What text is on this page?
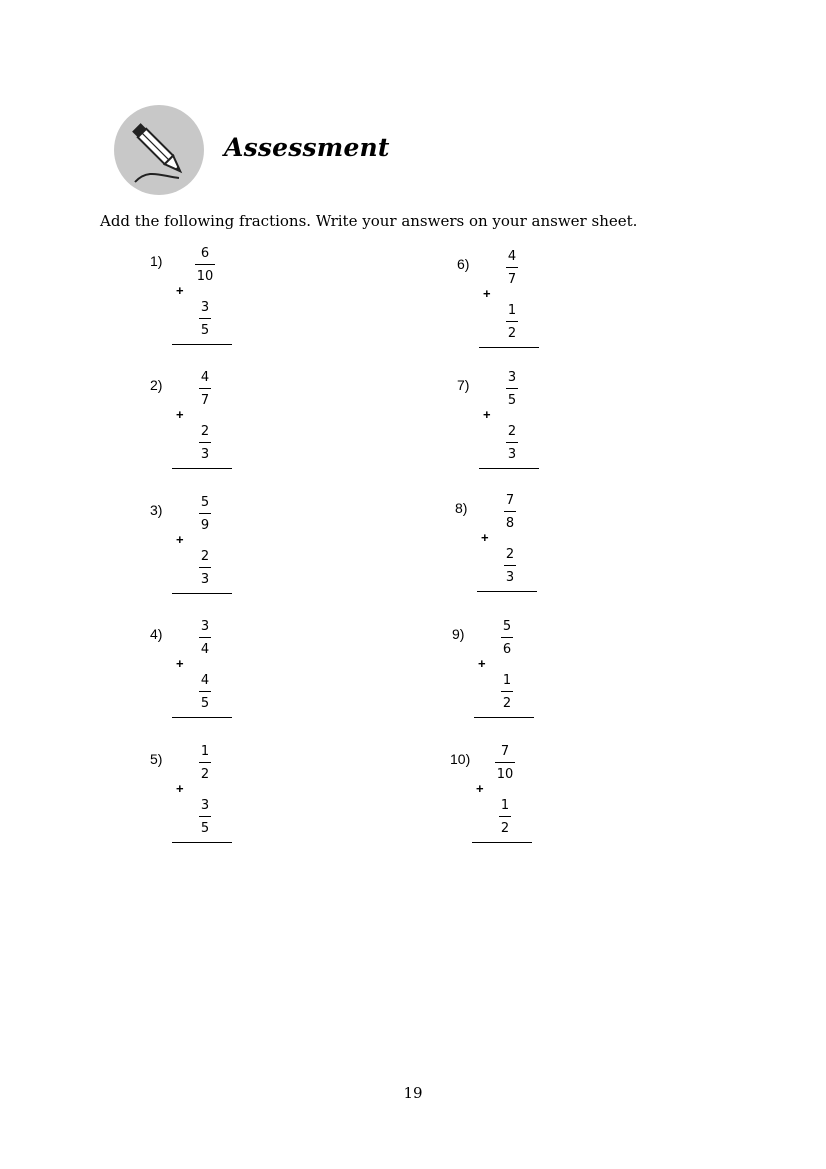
Assessment
Add the following fractions. Write your answers on your answer sheet.
1)	6
10
+
3
5
2)	4
7
+
2
3
3)	5
9
+
2
3
4)	3
4
+
4
5
5)	1
2
+
3
5
6)	4
7
+
1
2
7)	3
5
+
2
3
8)	7
8
+
2
3
9)	5
6
+
1
2
10)	7
10
+
1
2
19
